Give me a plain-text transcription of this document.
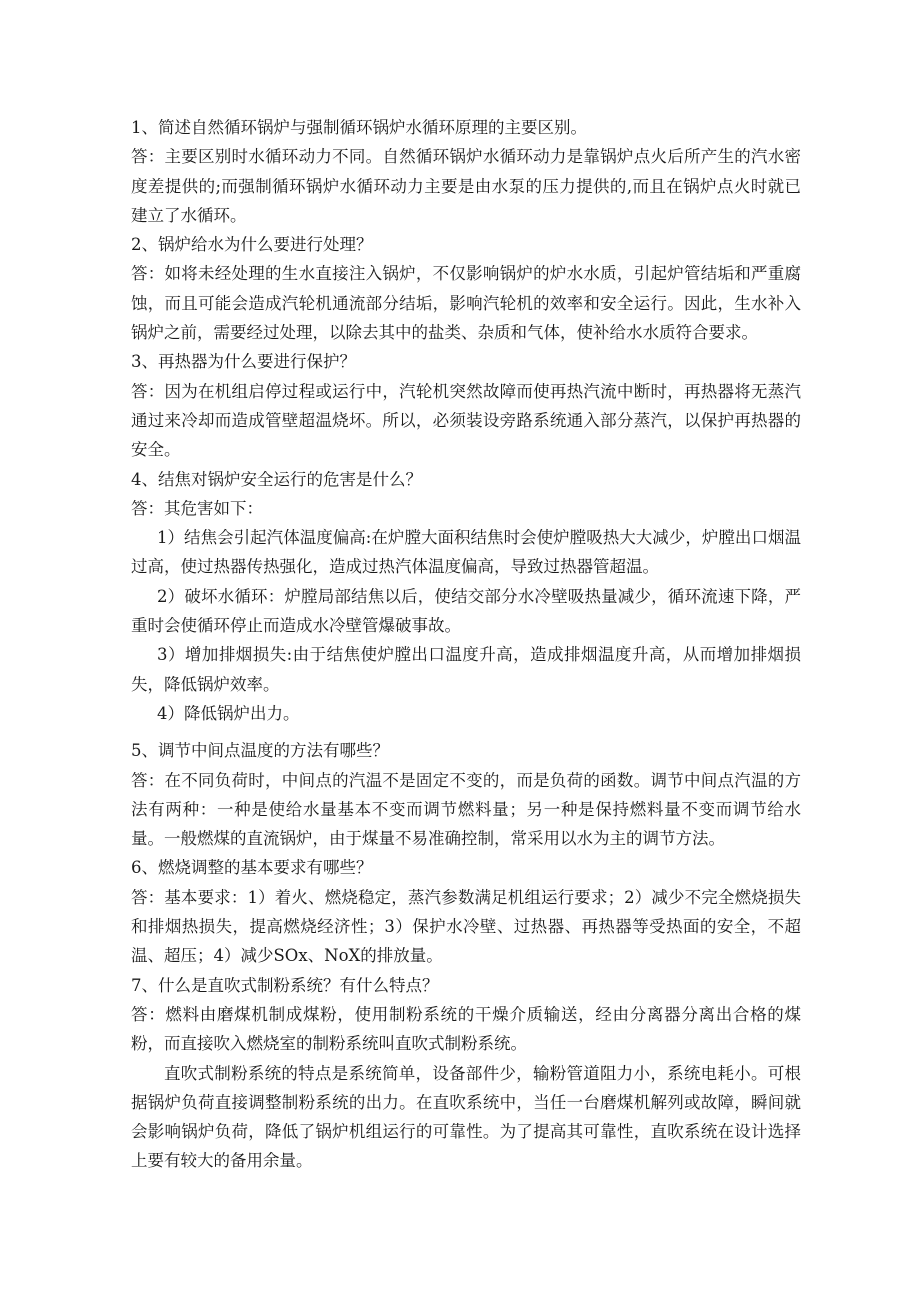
1、简述自然循环锅炉与强制循环锅炉水循环原理的主要区别。

答：主要区别时水循环动力不同。自然循环锅炉水循环动力是靠锅炉点火后所产生的汽水密度差提供的;而强制循环锅炉水循环动力主要是由水泵的压力提供的,而且在锅炉点火时就已建立了水循环。

2、锅炉给水为什么要进行处理？

答：如将未经处理的生水直接注入锅炉，不仅影响锅炉的炉水水质，引起炉管结垢和严重腐蚀，而且可能会造成汽轮机通流部分结垢，影响汽轮机的效率和安全运行。因此，生水补入锅炉之前，需要经过处理，以除去其中的盐类、杂质和气体，使补给水水质符合要求。

3、再热器为什么要进行保护？

答：因为在机组启停过程或运行中，汽轮机突然故障而使再热汽流中断时，再热器将无蒸汽通过来冷却而造成管壁超温烧坏。所以，必须装设旁路系统通入部分蒸汽，以保护再热器的安全。

4、结焦对锅炉安全运行的危害是什么？

答：其危害如下：

1）结焦会引起汽体温度偏高:在炉膛大面积结焦时会使炉膛吸热大大减少，炉膛出口烟温过高，使过热器传热强化，造成过热汽体温度偏高，导致过热器管超温。

2）破坏水循环：炉膛局部结焦以后，使结交部分水冷壁吸热量减少，循环流速下降，严重时会使循环停止而造成水冷壁管爆破事故。

3）增加排烟损失:由于结焦使炉膛出口温度升高，造成排烟温度升高，从而增加排烟损失，降低锅炉效率。

4）降低锅炉出力。

5、调节中间点温度的方法有哪些？

答：在不同负荷时，中间点的汽温不是固定不变的，而是负荷的函数。调节中间点汽温的方法有两种：一种是使给水量基本不变而调节燃料量；另一种是保持燃料量不变而调节给水量。一般燃煤的直流锅炉，由于煤量不易准确控制，常采用以水为主的调节方法。

6、燃烧调整的基本要求有哪些？

答：基本要求：1）着火、燃烧稳定，蒸汽参数满足机组运行要求；2）减少不完全燃烧损失和排烟热损失，提高燃烧经济性；3）保护水冷壁、过热器、再热器等受热面的安全，不超温、超压；4）减少SOx、NoX的排放量。

7、什么是直吹式制粉系统？有什么特点？

答：燃料由磨煤机制成煤粉，使用制粉系统的干燥介质输送，经由分离器分离出合格的煤粉，而直接吹入燃烧室的制粉系统叫直吹式制粉系统。

直吹式制粉系统的特点是系统简单，设备部件少，输粉管道阻力小，系统电耗小。可根据锅炉负荷直接调整制粉系统的出力。在直吹系统中，当任一台磨煤机解列或故障，瞬间就会影响锅炉负荷，降低了锅炉机组运行的可靠性。为了提高其可靠性，直吹系统在设计选择上要有较大的备用余量。
